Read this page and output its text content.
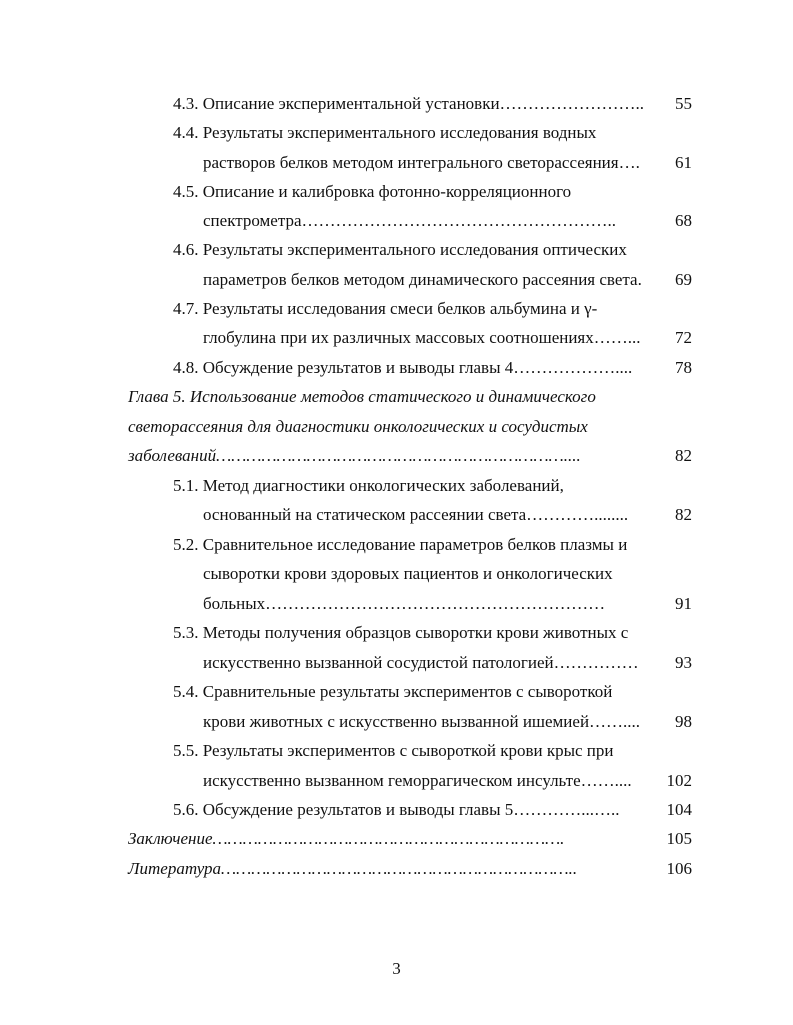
4.3. Описание экспериментальной установки…………………….. 55
4.4. Результаты экспериментального исследования водных
растворов белков методом интегрального светорассеяния…. 61
4.5. Описание и калибровка фотонно-корреляционного
спектрометра………………………………………………..	68
4.6. Результаты экспериментального исследования оптических
параметров белков методом динамического рассеяния света. 69
4.7. Результаты исследования смеси белков альбумина и γ-
глобулина при их различных массовых соотношениях……... 72
4.8. Обсуждение результатов и выводы главы 4………………....	78
Глава 5. Использование методов статического и динамического
светорассеяния для диагностики онкологических и сосудистых
заболеваний……………………………………………………………....	82
5.1. Метод диагностики онкологических заболеваний,
основанный на статическом рассеянии света…………........	82
5.2. Сравнительное исследование параметров белков плазмы и
сыворотки крови здоровых пациентов и онкологических
больных……………………………………………………	91
5.3. Методы получения образцов сыворотки крови животных с
искусственно вызванной сосудистой патологией…………… 93
5.4. Сравнительные результаты экспериментов с сывороткой
крови животных с искусственно вызванной ишемией…….... 98
5.5. Результаты экспериментов с сывороткой крови крыс при
искусственно вызванном геморрагическом инсульте…….... 102
5.6. Обсуждение результатов и выводы главы 5…………...…..	104
Заключение…………………………………………………………….	105
Литература……………………………………………………………..	106
3
